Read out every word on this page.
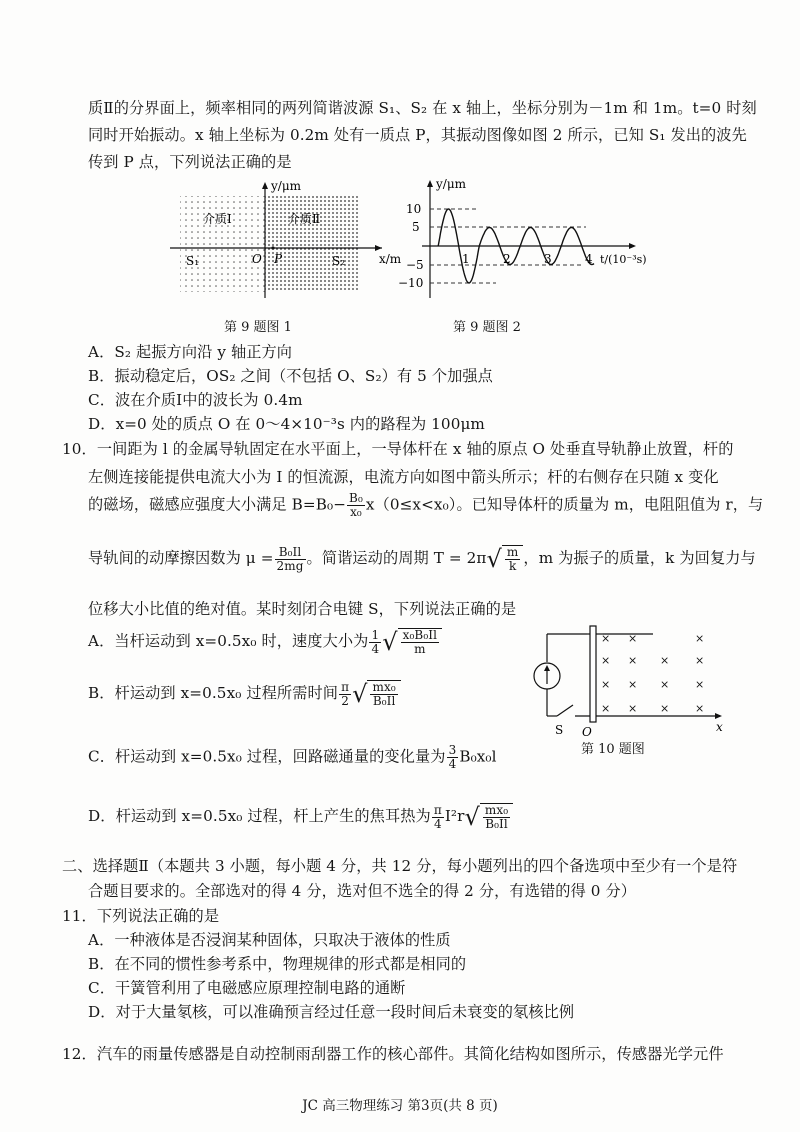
质Ⅱ的分界面上，频率相同的两列简谐波源 S₁、S₂ 在 x 轴上，坐标分别为－1m 和 1m。t=0 时刻
同时开始振动。x 轴上坐标为 0.2m 处有一质点 P，其振动图像如图 2 所示，已知 S₁ 发出的波先
传到 P 点，下列说法正确的是
y/μm
x/m
介质Ⅰ	介质Ⅱ
S₁	O P	S₂
第 9 题图 1
y/μm
10
5
−5
−10
1	2	3	4 t/(10⁻³s)
第 9 题图 2
A．S₂ 起振方向沿 y 轴正方向
B．振动稳定后，OS₂ 之间（不包括 O、S₂）有 5 个加强点
C．波在介质Ⅰ中的波长为 0.4m
D．x=0 处的质点 O 在 0～4×10⁻³s 内的路程为 100μm
10．一间距为 l 的金属导轨固定在水平面上，一导体杆在 x 轴的原点 O 处垂直导轨静止放置，杆的
左侧连接能提供电流大小为 I 的恒流源，电流方向如图中箭头所示；杆的右侧存在只随 x 变化
的磁场，磁感应强度大小满足 $B=B_0- \frac{\text{B₀}}{\text{x₀}} x(0\le x<x_0)$。已知导体杆的质量为 m，电阻阻值为 r，与
导轨间的动摩擦因数为 $\mu = \frac{\text{B₀Il}}{2mg}$ 。简谐运动的周期 $T = 2\pi√ \frac{m}{k}$ ，m 为振子的质量，k 为回复力与
位移大小比值的绝对值。某时刻闭合电键 S，下列说法正确的是
A．当杆运动到 x=0.5x₀ 时，速度大小为 $\frac{1}{4}$ √ $\frac{\text{x₀B₀Il}}{m}$
B．杆运动到 x=0.5x₀ 过程所需时间 $\frac{\pi}{2}$ √ $\frac{\text{mx₀}}{\text{B₀Il}}$
C．杆运动到 x=0.5x₀ 过程，回路磁通量的变化量为 $\frac{3}{4} B_0x_0l$
D．杆运动到 x=0.5x₀ 过程，杆上产生的焦耳热为 $\frac{\pi}{4} I^2r√ \frac{\text{mx₀}}{\text{B₀Il}}$
× ×	×
× × × ×
× × × ×
× × × ×
S O	x
第 10 题图
二、选择题Ⅱ（本题共 3 小题，每小题 4 分，共 12 分，每小题列出的四个备选项中至少有一个是符
合题目要求的。全部选对的得 4 分，选对但不选全的得 2 分，有选错的得 0 分）
11．下列说法正确的是
A．一种液体是否浸润某种固体，只取决于液体的性质
B．在不同的惯性参考系中，物理规律的形式都是相同的
C．干簧管利用了电磁感应原理控制电路的通断
D．对于大量氡核，可以准确预言经过任意一段时间后未衰变的氡核比例
12．汽车的雨量传感器是自动控制雨刮器工作的核心部件。其简化结构如图所示，传感器光学元件
JC 高三物理练习 第3页(共 8 页)
